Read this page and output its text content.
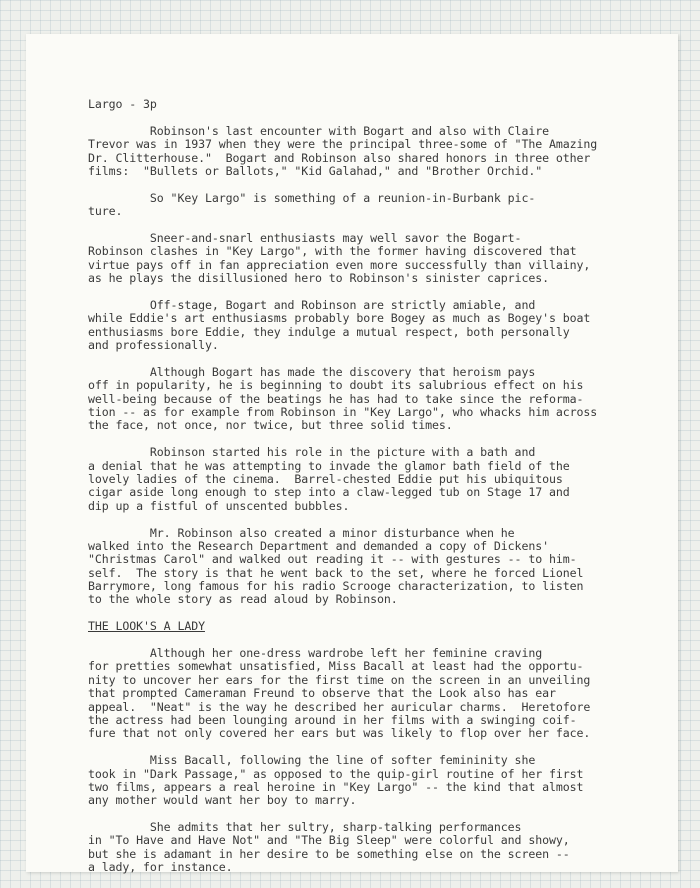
Largo - 3p
Robinson's last encounter with Bogart and also with Claire
Trevor was in 1937 when they were the principal three-some of "The Amazing
Dr. Clitterhouse."  Bogart and Robinson also shared honors in three other
films:  "Bullets or Ballots," "Kid Galahad," and "Brother Orchid."
So "Key Largo" is something of a reunion-in-Burbank pic-
ture.
Sneer-and-snarl enthusiasts may well savor the Bogart-
Robinson clashes in "Key Largo", with the former having discovered that
virtue pays off in fan appreciation even more successfully than villainy,
as he plays the disillusioned hero to Robinson's sinister caprices.
Off-stage, Bogart and Robinson are strictly amiable, and
while Eddie's art enthusiasms probably bore Bogey as much as Bogey's boat
enthusiasms bore Eddie, they indulge a mutual respect, both personally
and professionally.
Although Bogart has made the discovery that heroism pays
off in popularity, he is beginning to doubt its salubrious effect on his
well-being because of the beatings he has had to take since the reforma-
tion -- as for example from Robinson in "Key Largo", who whacks him across
the face, not once, nor twice, but three solid times.
Robinson started his role in the picture with a bath and
a denial that he was attempting to invade the glamor bath field of the
lovely ladies of the cinema.  Barrel-chested Eddie put his ubiquitous
cigar aside long enough to step into a claw-legged tub on Stage 17 and
dip up a fistful of unscented bubbles.
Mr. Robinson also created a minor disturbance when he
walked into the Research Department and demanded a copy of Dickens'
"Christmas Carol" and walked out reading it -- with gestures -- to him-
self.  The story is that he went back to the set, where he forced Lionel
Barrymore, long famous for his radio Scrooge characterization, to listen
to the whole story as read aloud by Robinson.
THE LOOK'S A LADY
Although her one-dress wardrobe left her feminine craving
for pretties somewhat unsatisfied, Miss Bacall at least had the opportu-
nity to uncover her ears for the first time on the screen in an unveiling
that prompted Cameraman Freund to observe that the Look also has ear
appeal.  "Neat" is the way he described her auricular charms.  Heretofore
the actress had been lounging around in her films with a swinging coif-
fure that not only covered her ears but was likely to flop over her face.
Miss Bacall, following the line of softer femininity she
took in "Dark Passage," as opposed to the quip-girl routine of her first
two films, appears a real heroine in "Key Largo" -- the kind that almost
any mother would want her boy to marry.
She admits that her sultry, sharp-talking performances
in "To Have and Have Not" and "The Big Sleep" were colorful and showy,
but she is adamant in her desire to be something else on the screen --
a lady, for instance.
